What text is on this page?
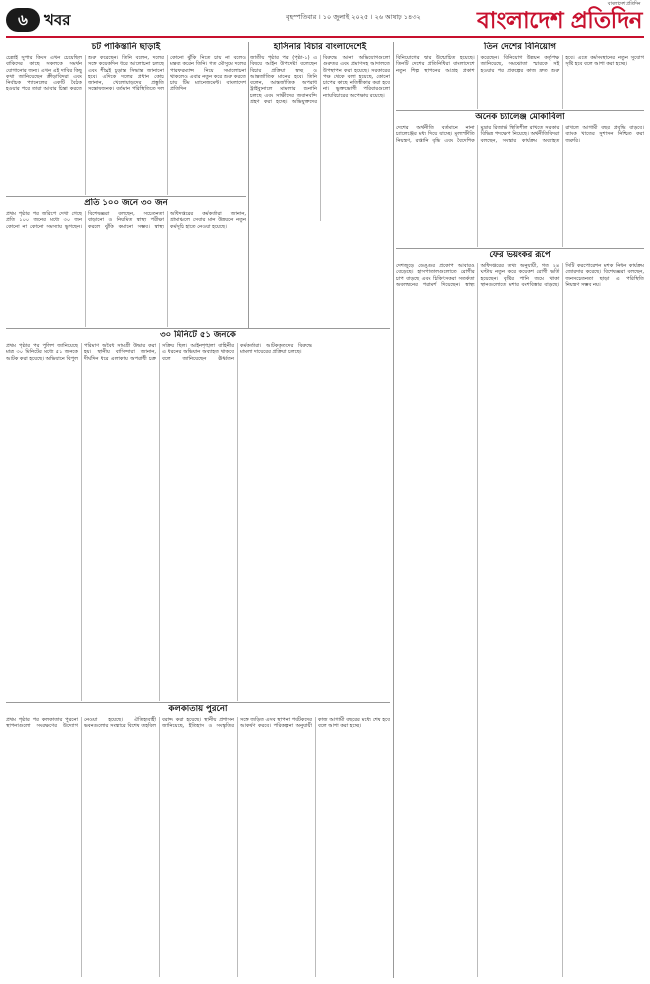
৬	খবর	বৃহস্পতিবার । ১০ জুলাই ২০২৫ । ২৬ আষাঢ় ১৪৩২
বাংলাদেশ প্রতিদিন
বাংলাদেশ প্রতিদিন
চট পাকিস্তানি ছাড়াই
চেন্নাই সুপার কিংস এখন চেয়েছিল বাকিদের কাছে সকলকে সমর্থন যোগানোর জন্য। এখন এই দাবির কিছু কথা জানিয়েছেন ক্রীড়াবিদরা এবং নির্বাচক প্যানেলের একটি বৈঠক হওয়ার পরে তারা আবার চিন্তা করতে শুরু করেছেন। তিনি বলেন, দলের সঙ্গে কয়েকদিন ধরে আলোচনা চলছে এবং শীঘ্রই চূড়ান্ত সিদ্ধান্ত জানানো হবে। এদিকে দলের প্রধান কোচ জানান, খেলোয়াড়দের প্রস্তুতি সন্তোষজনক। বর্তমান পরিস্থিতিতে দল কোনো ঝুঁকি নিতে চায় না বলেও মন্তব্য করেন তিনি। গত মৌসুমে দলের পারফরম্যান্স নিয়ে সমালোচনা থাকলেও এবার নতুন করে শুরু করতে চায় টিম ম্যানেজমেন্ট। বাংলাদেশ প্রতিদিন
হাসিনার বিচার বাংলাদেশেই
জাতীয় পৃষ্ঠার পর (পৃষ্ঠা-১) এ বিষয়ে আইন উপদেষ্টা বলেছেন বিচার প্রক্রিয়া স্বচ্ছ ও আন্তর্জাতিক মানের হবে। তিনি বলেন, আন্তর্জাতিক অপরাধ ট্রাইব্যুনালে মামলার শুনানি চলছে এবং সাক্ষীদের জবানবন্দি গ্রহণ করা হচ্ছে। অভিযুক্তদের বিরুদ্ধে আনা অভিযোগগুলো গুরুতর এবং প্রমাণসহ আদালতে উপস্থাপন করা হয়েছে। সরকারের পক্ষ থেকে বলা হয়েছে, কোনো চাপের কাছে নতিস্বীকার করা হবে না। ভুক্তভোগী পরিবারগুলো ন্যায়বিচারের অপেক্ষায় রয়েছে।
তিন দেশের বিনিয়োগ
বিনিয়োগের দ্বার উন্মোচিত হয়েছে। তিনটি দেশের প্রতিনিধিরা বাংলাদেশে নতুন শিল্প স্থাপনের আগ্রহ প্রকাশ করেছেন। বিনিয়োগ উন্নয়ন কর্তৃপক্ষ জানিয়েছে, সমঝোতা স্মারকে সই হওয়ার পর প্রকল্পের কাজ দ্রুত শুরু হবে। এতে কর্মসংস্থানের নতুন সুযোগ সৃষ্টি হবে বলে আশা করা হচ্ছে।
অনেক চ্যালেঞ্জ মোকাবিলা
দেশের অর্থনীতি বর্তমানে নানা চ্যালেঞ্জের মধ্য দিয়ে যাচ্ছে। মূল্যস্ফীতি নিয়ন্ত্রণ, রপ্তানি বৃদ্ধি এবং বৈদেশিক মুদ্রার রিজার্ভ স্থিতিশীল রাখতে সরকার বিভিন্ন পদক্ষেপ নিয়েছে। অর্থনীতিবিদরা বলছেন, সংস্কার কার্যক্রম অব্যাহত রাখলে আগামী বছর প্রবৃদ্ধি বাড়বে। ব্যাংক খাতের সুশাসন নিশ্চিত করা জরুরি।
প্রতি ১০০ জনে ৩০ জন
প্রথম পৃষ্ঠার পর জরিপে দেখা গেছে প্রতি ১০০ জনের মধ্যে ৩০ জন কোনো না কোনো সমস্যায় ভুগছেন। বিশেষজ্ঞরা বলছেন, সচেতনতা বাড়ানো ও নিয়মিত স্বাস্থ্য পরীক্ষা করলে ঝুঁকি কমানো সম্ভব। স্বাস্থ্য অধিদপ্তরের কর্মকর্তারা জানান, গ্রামাঞ্চলে সেবার মান উন্নয়নে নতুন কর্মসূচি হাতে নেওয়া হয়েছে।
৩০ মিনিটে ৫১ জনকে
প্রথম পৃষ্ঠার পর পুলিশ জানিয়েছে মাত্র ৩০ মিনিটের মধ্যে ৫১ জনকে আটক করা হয়েছে। অভিযানে বিপুল পরিমাণ অবৈধ সামগ্রী উদ্ধার করা হয়। স্থানীয় বাসিন্দারা জানান, দীর্ঘদিন ধরে এলাকায় অপরাধী চক্র সক্রিয় ছিল। আইনশৃঙ্খলা বাহিনীর এ ধরনের অভিযান অব্যাহত থাকবে বলে জানিয়েছেন ঊর্ধ্বতন কর্মকর্তারা। আটককৃতদের বিরুদ্ধে মামলা দায়েরের প্রক্রিয়া চলছে।
ফের ভয়ংকর রূপে
দেশজুড়ে ডেঙ্গুর প্রকোপ আবারও বেড়েছে। হাসপাতালগুলোতে রোগীর চাপ বাড়ছে এবং চিকিৎসকরা সতর্কতা অবলম্বনের পরামর্শ দিয়েছেন। স্বাস্থ্য অধিদপ্তরের তথ্য অনুযায়ী, গত ২৪ ঘণ্টায় নতুন করে কয়েকশ রোগী ভর্তি হয়েছেন। বৃষ্টির পানি জমে থাকা স্থানগুলোতে মশার বংশবিস্তার বাড়ছে। সিটি করপোরেশন মশক নিধন কার্যক্রম জোরদার করেছে। বিশেষজ্ঞরা বলছেন, জনসচেতনতা ছাড়া এ পরিস্থিতি নিয়ন্ত্রণ সম্ভব নয়।
কলকাতায় পুরনো
প্রথম পৃষ্ঠার পর কলকাতার পুরনো স্থাপনাগুলো সংরক্ষণের উদ্যোগ নেওয়া হয়েছে। ঐতিহ্যবাহী ভবনগুলোর সংস্কারে বিশেষ তহবিল বরাদ্দ করা হয়েছে। স্থানীয় প্রশাসন জানিয়েছে, ইতিহাস ও সংস্কৃতির সঙ্গে জড়িত এসব স্থাপনা পর্যটকদের আকর্ষণ করবে। পরিকল্পনা অনুযায়ী কাজ আগামী বছরের মধ্যে শেষ হবে বলে আশা করা হচ্ছে।
